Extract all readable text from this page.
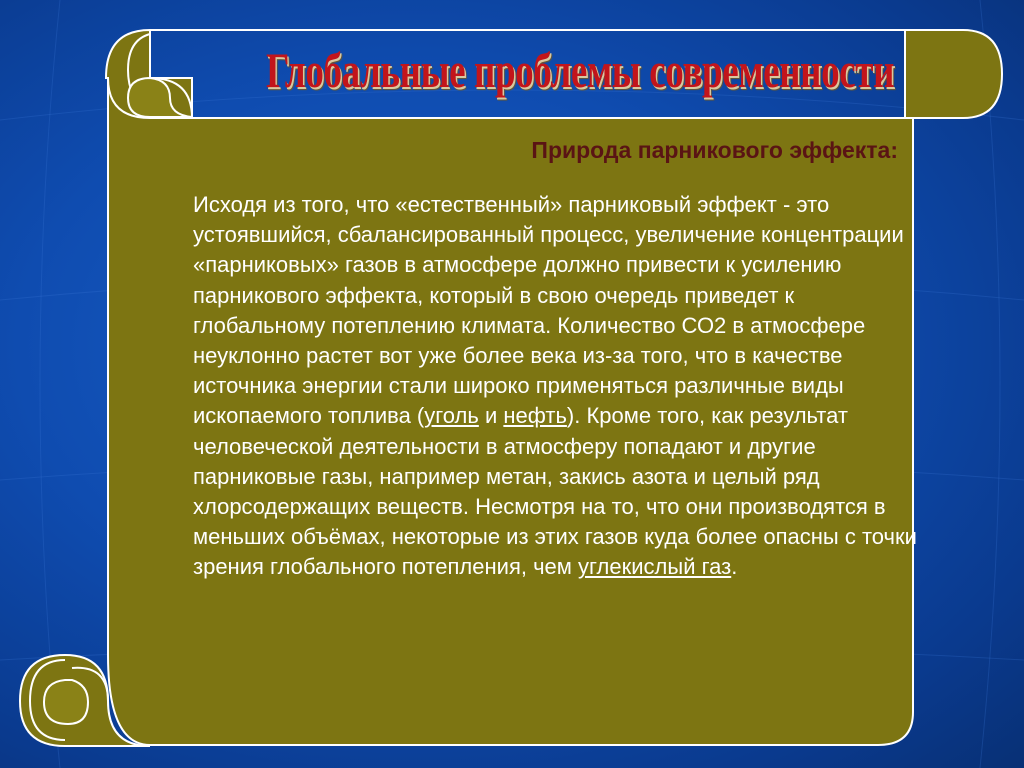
Глобальные проблемы современности
Природа парникового эффекта:

Исходя из того, что «естественный» парниковый эффект - это устоявшийся, сбалансированный процесс, увеличение концентрации «парниковых» газов в атмосфере должно привести к усилению парникового эффекта, который в свою очередь приведет к глобальному потеплению климата. Количество СО2 в атмосфере неуклонно растет вот уже более века из-за того, что в качестве источника энергии стали широко применяться различные виды ископаемого топлива (уголь и нефть). Кроме того, как результат человеческой деятельности в атмосферу попадают и другие парниковые газы, например метан, закись азота и целый ряд хлорсодержащих веществ. Несмотря на то, что они производятся в меньших объёмах, некоторые из этих газов куда более опасны с точки зрения глобального потепления, чем углекислый газ.
